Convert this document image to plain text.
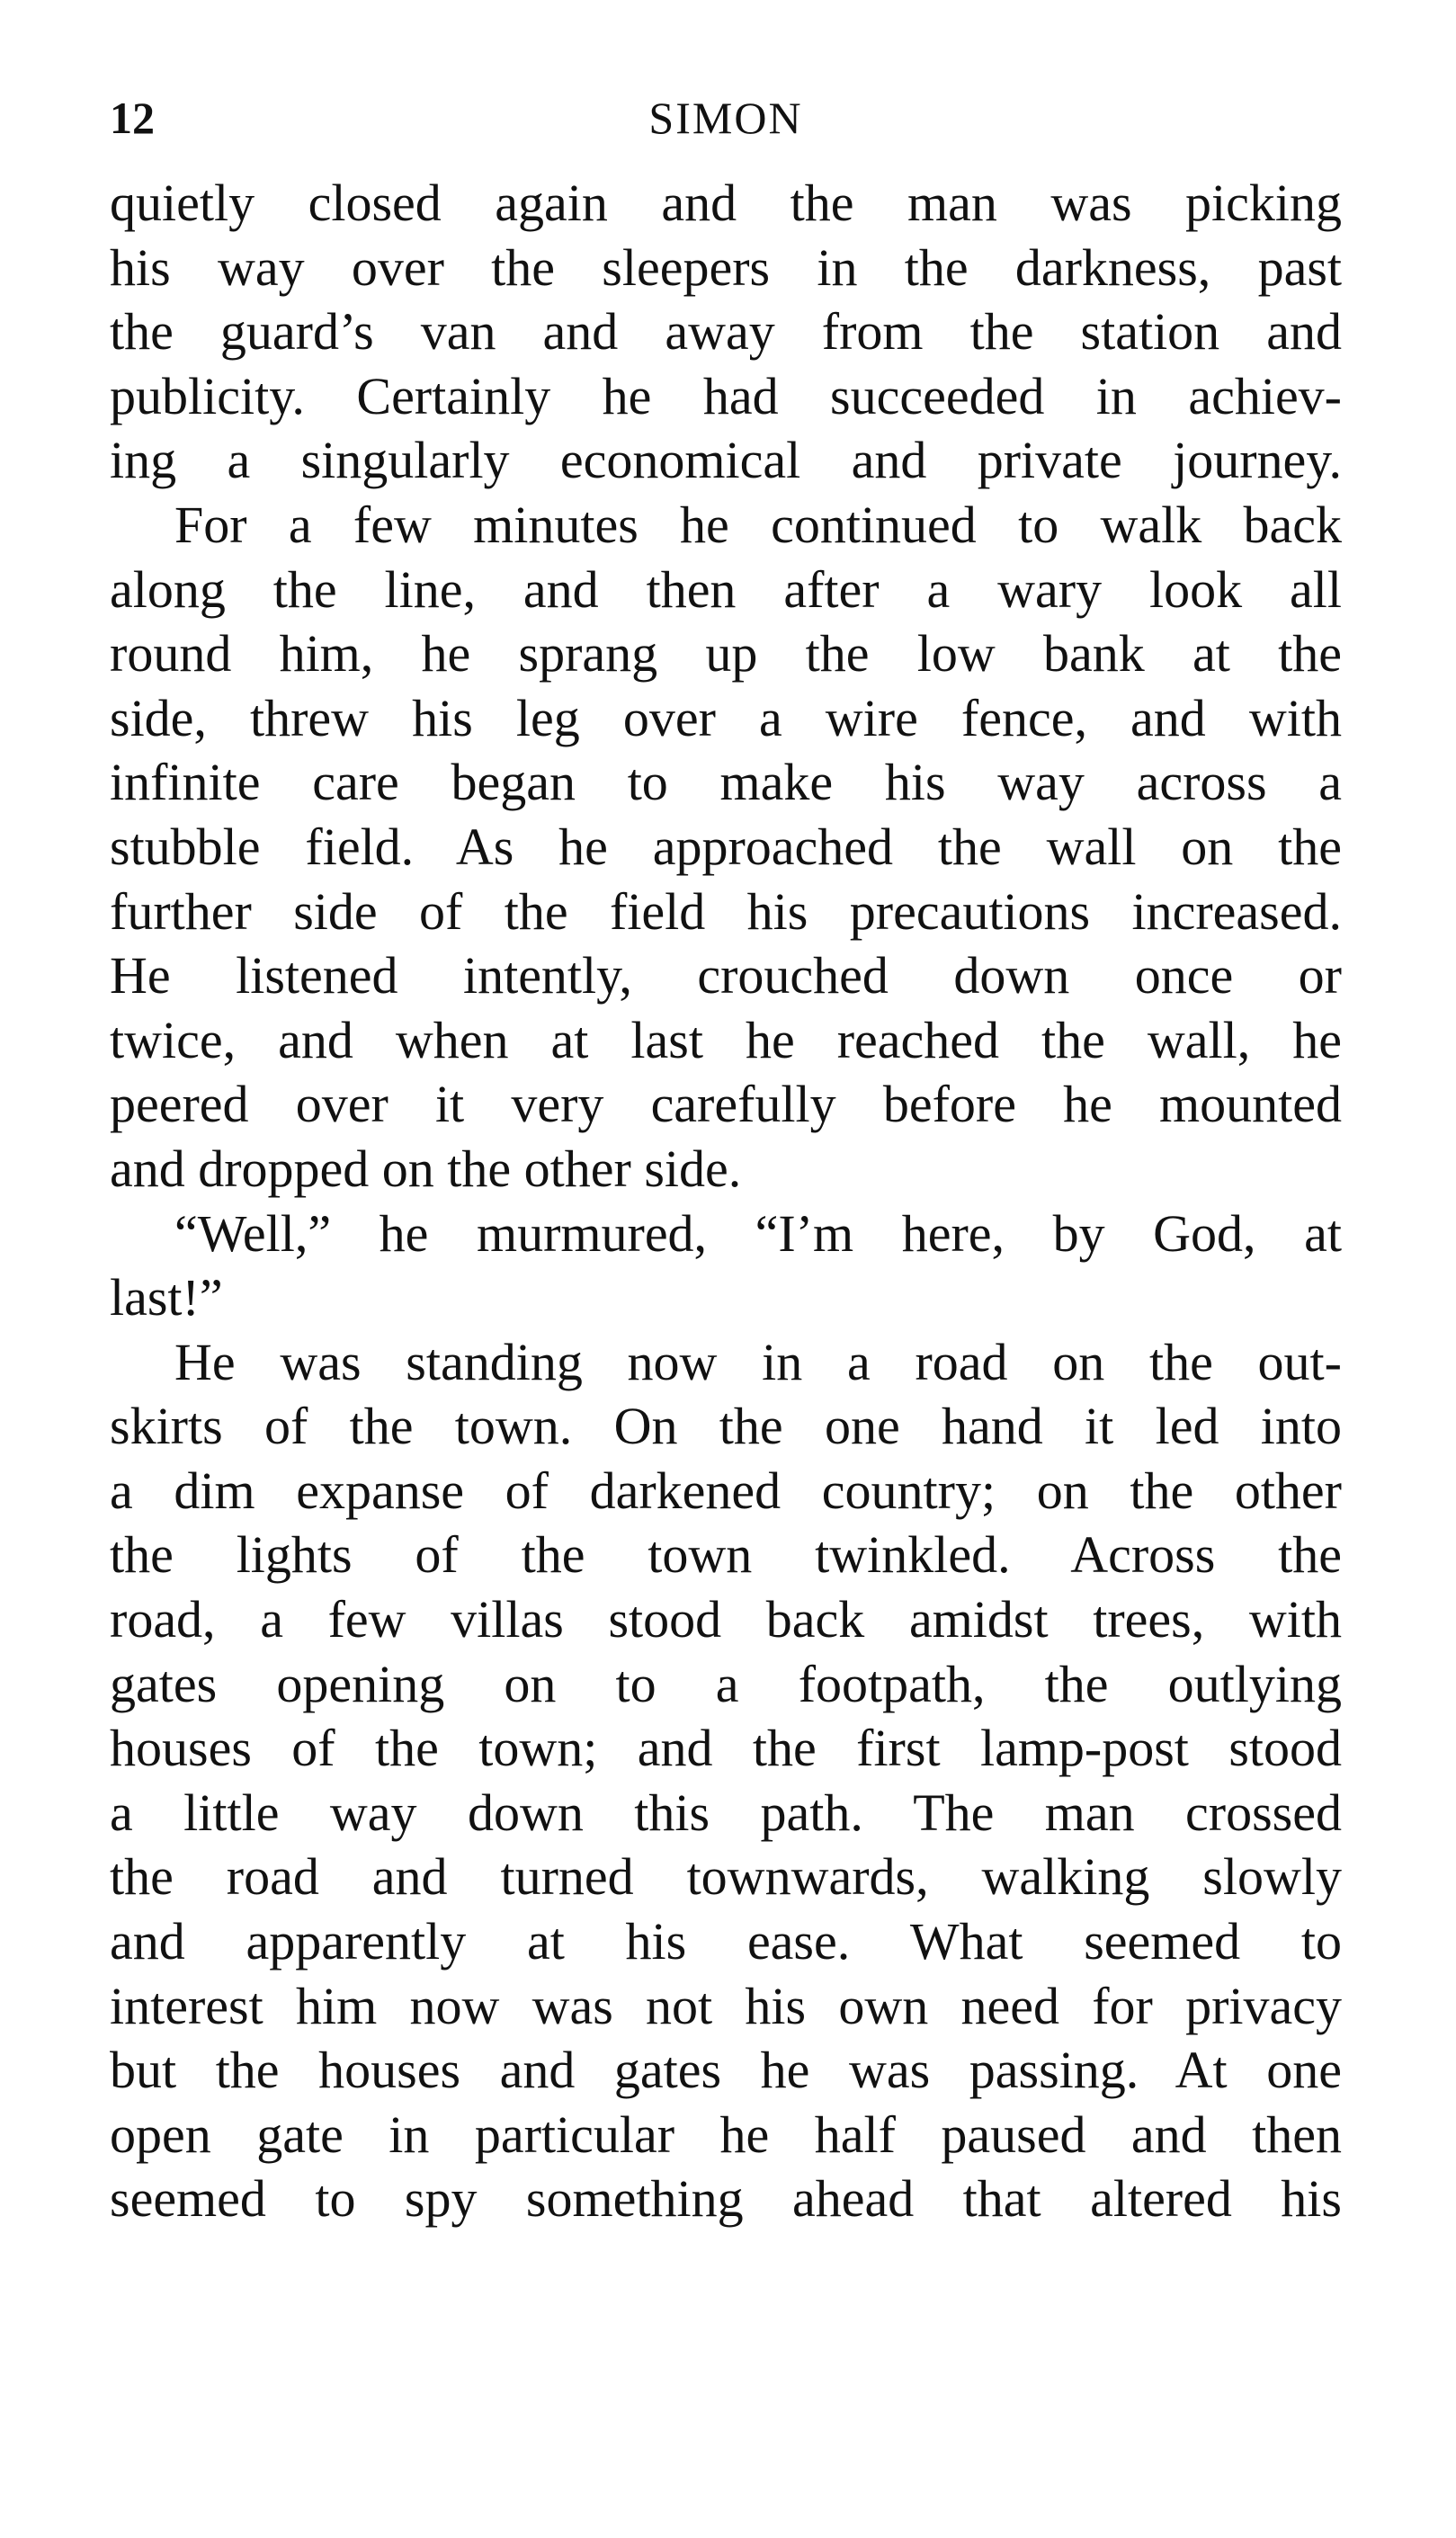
12	SIMON
quietly closed again and the man was picking
his way over the sleepers in the darkness, past
the guard’s van and away from the station and
publicity. Certainly he had succeeded in achiev-
ing a singularly economical and private journey.
For a few minutes he continued to walk back
along the line, and then after a wary look all
round him, he sprang up the low bank at the
side, threw his leg over a wire fence, and with
infinite care began to make his way across a
stubble field. As he approached the wall on the
further side of the field his precautions increased.
He listened intently, crouched down once or
twice, and when at last he reached the wall, he
peered over it very carefully before he mounted
and dropped on the other side.
“Well,” he murmured, “I’m here, by God, at
last!”
He was standing now in a road on the out-
skirts of the town. On the one hand it led into
a dim expanse of darkened country; on the other
the lights of the town twinkled. Across the
road, a few villas stood back amidst trees, with
gates opening on to a footpath, the outlying
houses of the town; and the first lamp-post stood
a little way down this path. The man crossed
the road and turned townwards, walking slowly
and apparently at his ease. What seemed to
interest him now was not his own need for privacy
but the houses and gates he was passing. At one
open gate in particular he half paused and then
seemed to spy something ahead that altered his
